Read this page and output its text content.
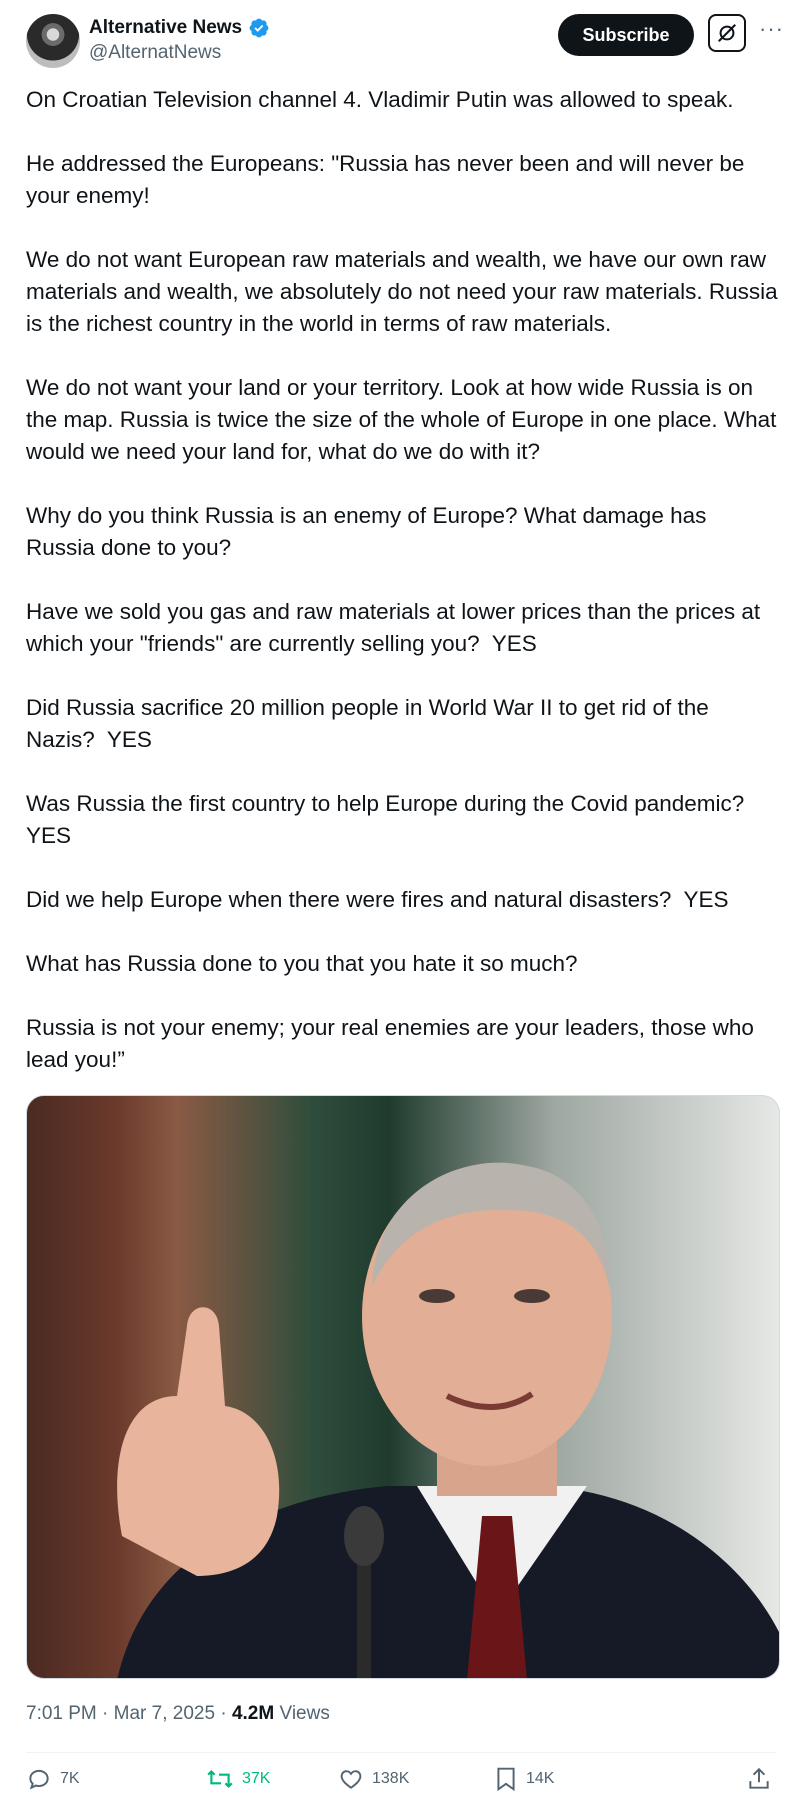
Alternative News
@AlternatNews
Subscribe	···

On Croatian Television channel 4. Vladimir Putin was allowed to speak.

He addressed the Europeans: "Russia has never been and will never be your enemy!

We do not want European raw materials and wealth, we have our own raw materials and wealth, we absolutely do not need your raw materials. Russia is the richest country in the world in terms of raw materials.

We do not want your land or your territory. Look at how wide Russia is on the map. Russia is twice the size of the whole of Europe in one place. What would we need your land for, what do we do with it?

Why do you think Russia is an enemy of Europe? What damage has Russia done to you?

Have we sold you gas and raw materials at lower prices than the prices at which your "friends" are currently selling you?  YES

Did Russia sacrifice 20 million people in World War II to get rid of the Nazis?  YES

Was Russia the first country to help Europe during the Covid pandemic? YES

Did we help Europe when there were fires and natural disasters?  YES

What has Russia done to you that you hate it so much?

Russia is not your enemy; your real enemies are your leaders, those who lead you!”

7:01 PM · Mar 7, 2025 · 4.2M Views
7K	37K	138K	14K
